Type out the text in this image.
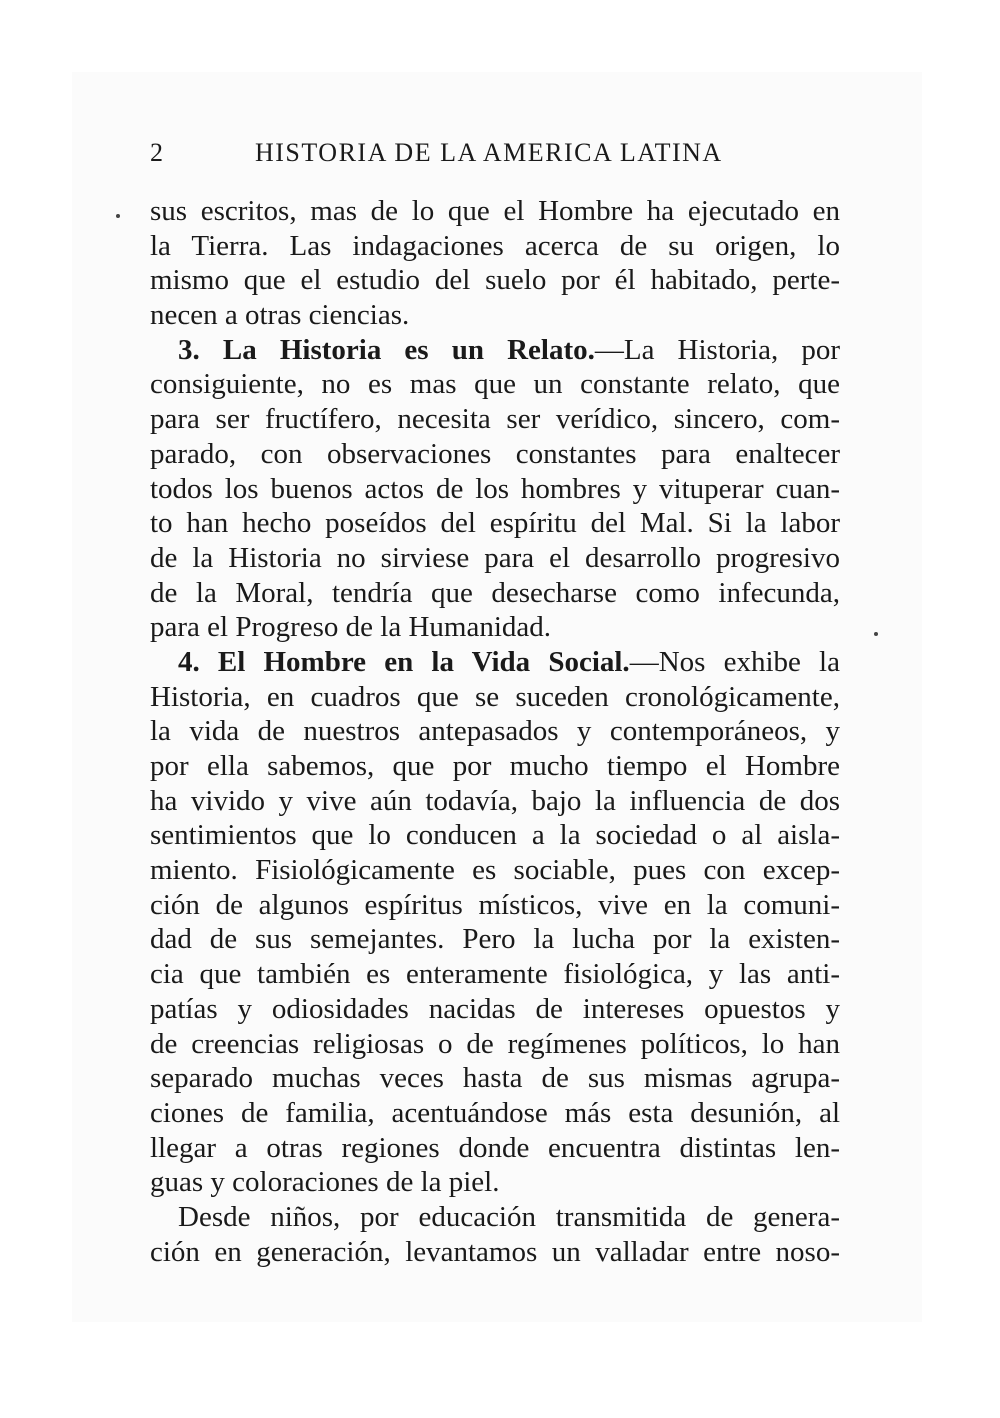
2	HISTORIA DE LA AMERICA LATINA
sus escritos, mas de lo que el Hombre ha ejecutado en
la Tierra. Las indagaciones acerca de su origen, lo
mismo que el estudio del suelo por él habitado, perte-
necen a otras ciencias.
3. La Historia es un Relato.—La Historia, por
consiguiente, no es mas que un constante relato, que
para ser fructífero, necesita ser verídico, sincero, com-
parado, con observaciones constantes para enaltecer
todos los buenos actos de los hombres y vituperar cuan-
to han hecho poseídos del espíritu del Mal. Si la labor
de la Historia no sirviese para el desarrollo progresivo
de la Moral, tendría que desecharse como infecunda,
para el Progreso de la Humanidad.
4. El Hombre en la Vida Social.—Nos exhibe la
Historia, en cuadros que se suceden cronológicamente,
la vida de nuestros antepasados y contemporáneos, y
por ella sabemos, que por mucho tiempo el Hombre
ha vivido y vive aún todavía, bajo la influencia de dos
sentimientos que lo conducen a la sociedad o al aisla-
miento. Fisiológicamente es sociable, pues con excep-
ción de algunos espíritus místicos, vive en la comuni-
dad de sus semejantes. Pero la lucha por la existen-
cia que también es enteramente fisiológica, y las anti-
patías y odiosidades nacidas de intereses opuestos y
de creencias religiosas o de regímenes políticos, lo han
separado muchas veces hasta de sus mismas agrupa-
ciones de familia, acentuándose más esta desunión, al
llegar a otras regiones donde encuentra distintas len-
guas y coloraciones de la piel.
Desde niños, por educación transmitida de genera-
ción en generación, levantamos un valladar entre noso-
